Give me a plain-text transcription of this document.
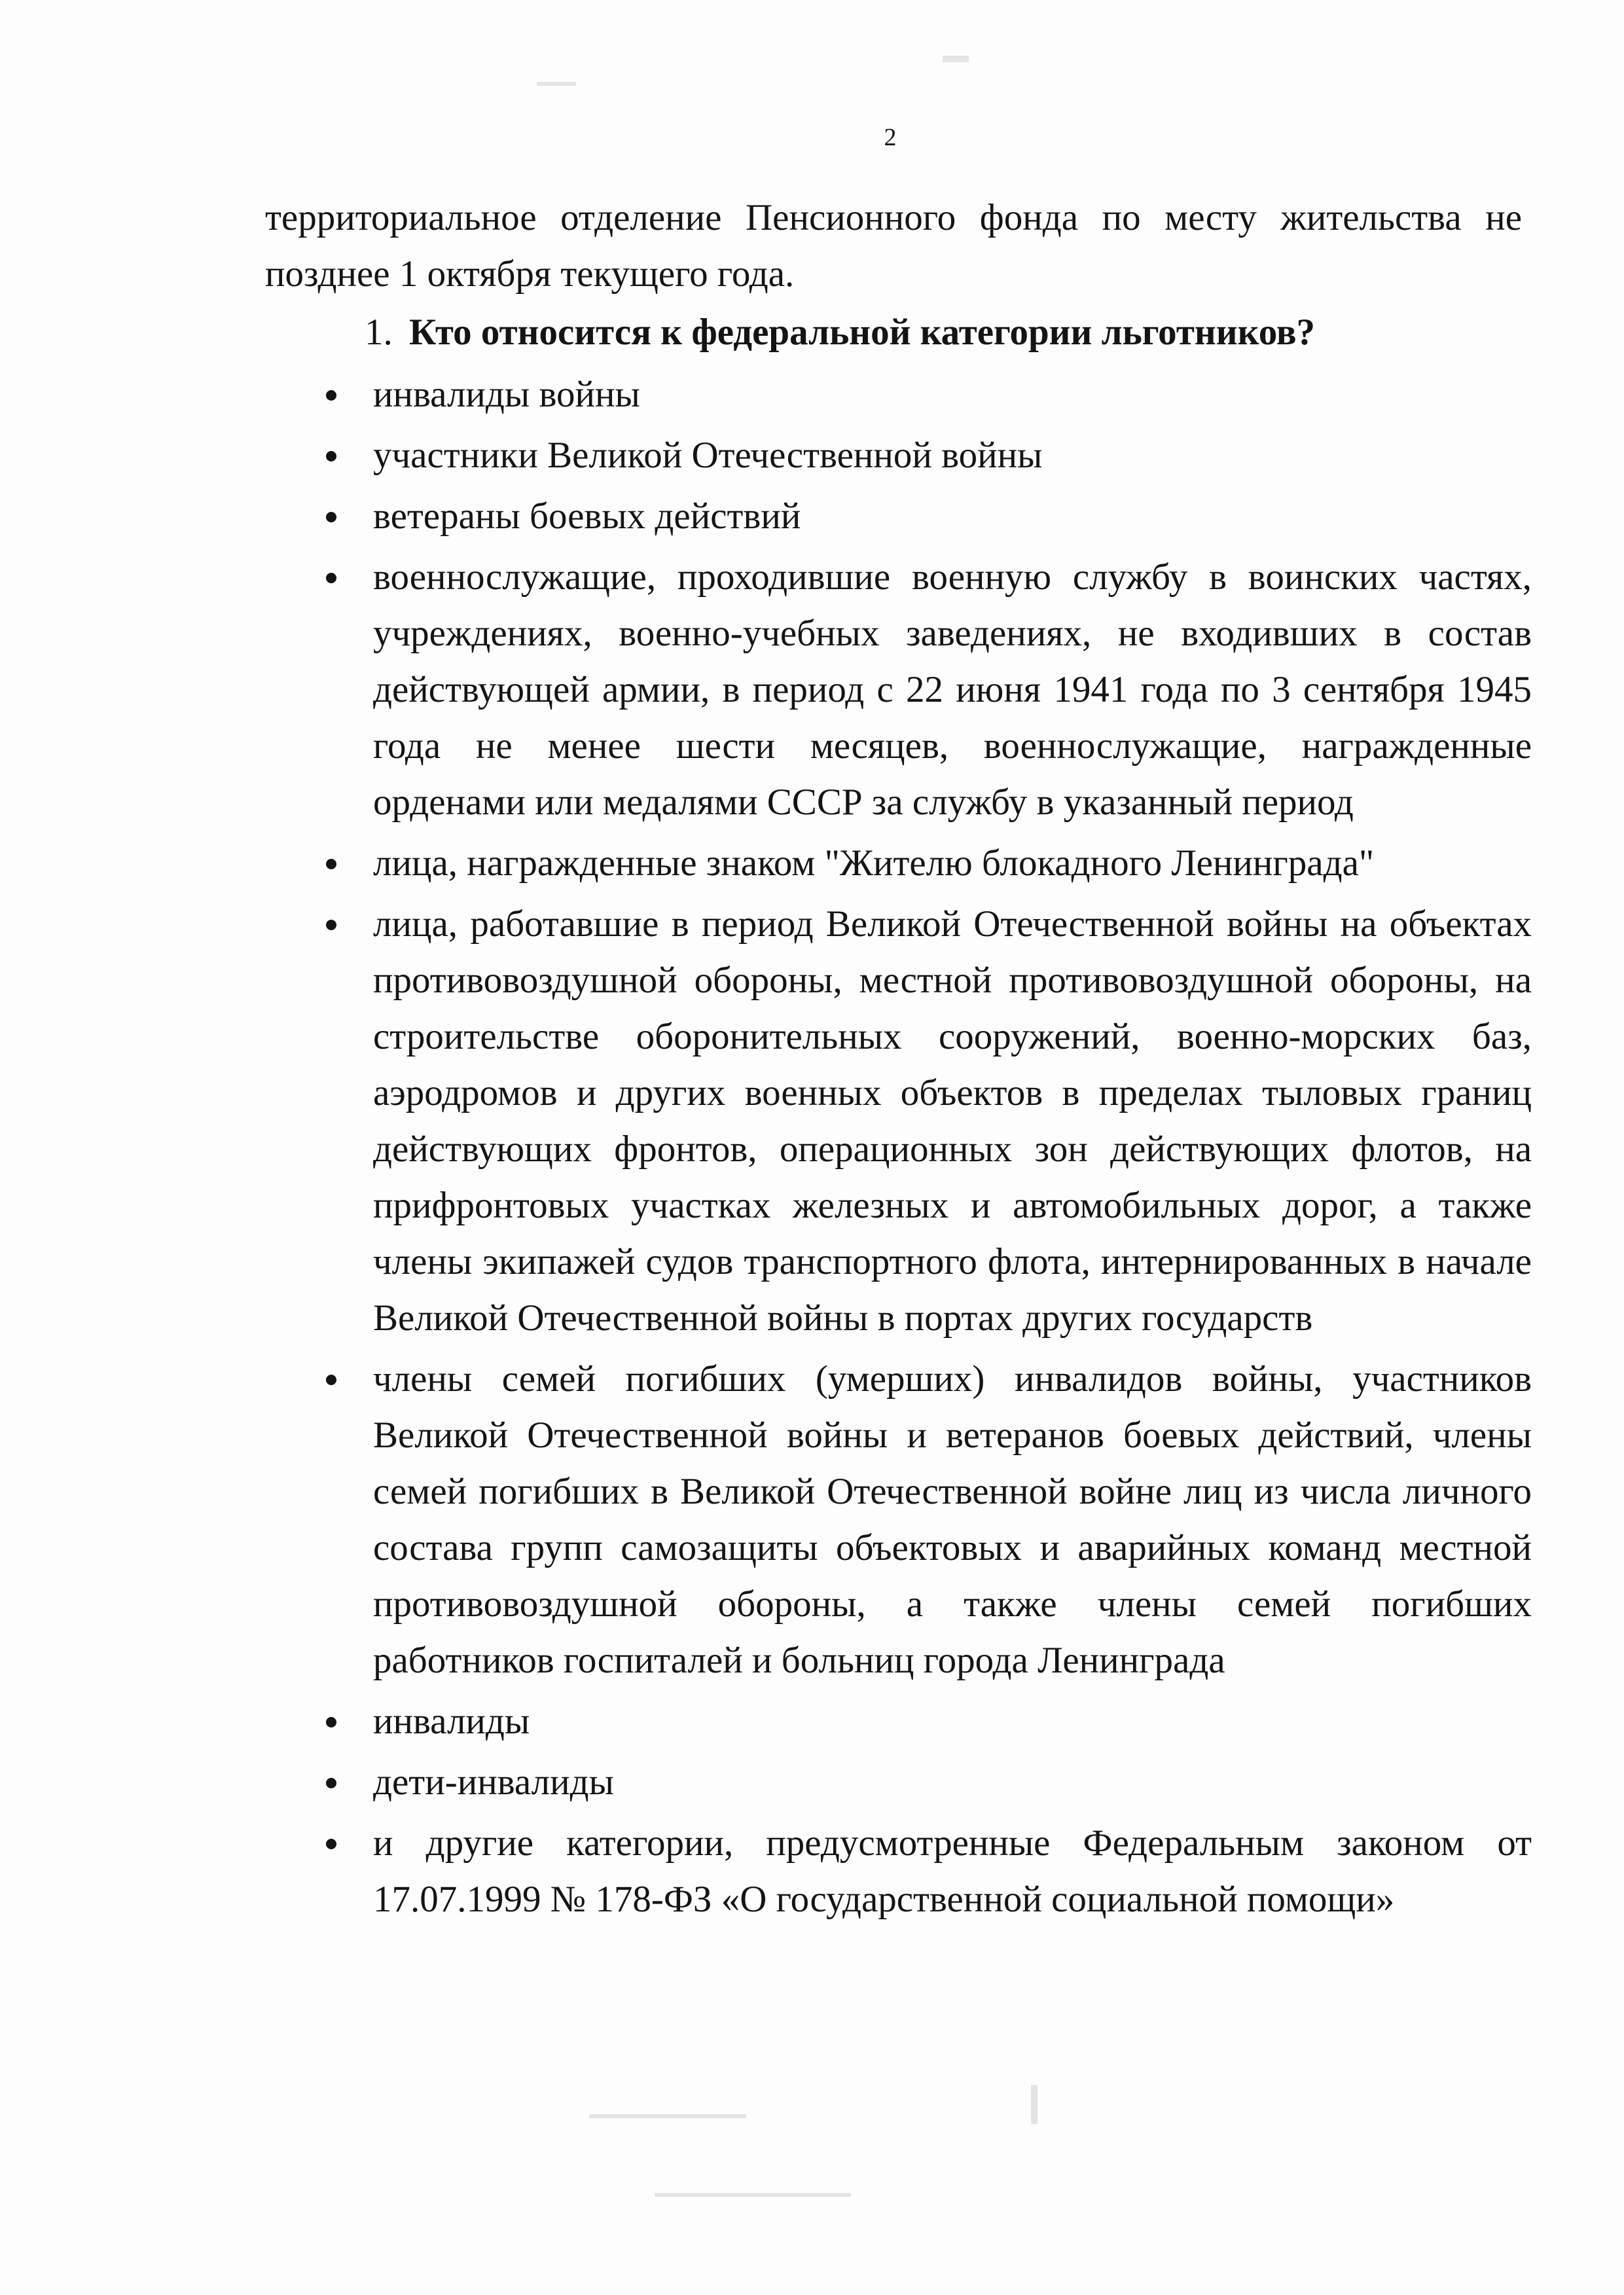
2
территориальное отделение Пенсионного фонда по месту жительства не позднее 1 октября текущего года.
1. Кто относится к федеральной категории льготников?
инвалиды войны
участники Великой Отечественной войны
ветераны боевых действий
военнослужащие, проходившие военную службу в воинских частях, учреждениях, военно-учебных заведениях, не входивших в состав действующей армии, в период с 22 июня 1941 года по 3 сентября 1945 года не менее шести месяцев, военнослужащие, награжденные орденами или медалями СССР за службу в указанный период
лица, награжденные знаком "Жителю блокадного Ленинграда"
лица, работавшие в период Великой Отечественной войны на объектах противовоздушной обороны, местной противовоздушной обороны, на строительстве оборонительных сооружений, военно-морских баз, аэродромов и других военных объектов в пределах тыловых границ действующих фронтов, операционных зон действующих флотов, на прифронтовых участках железных и автомобильных дорог, а также члены экипажей судов транспортного флота, интернированных в начале Великой Отечественной войны в портах других государств
члены семей погибших (умерших) инвалидов войны, участников Великой Отечественной войны и ветеранов боевых действий, члены семей погибших в Великой Отечественной войне лиц из числа личного состава групп самозащиты объектовых и аварийных команд местной противовоздушной обороны, а также члены семей погибших работников госпиталей и больниц города Ленинграда
инвалиды
дети-инвалиды
и другие категории, предусмотренные Федеральным законом от 17.07.1999 № 178-ФЗ «О государственной социальной помощи»
